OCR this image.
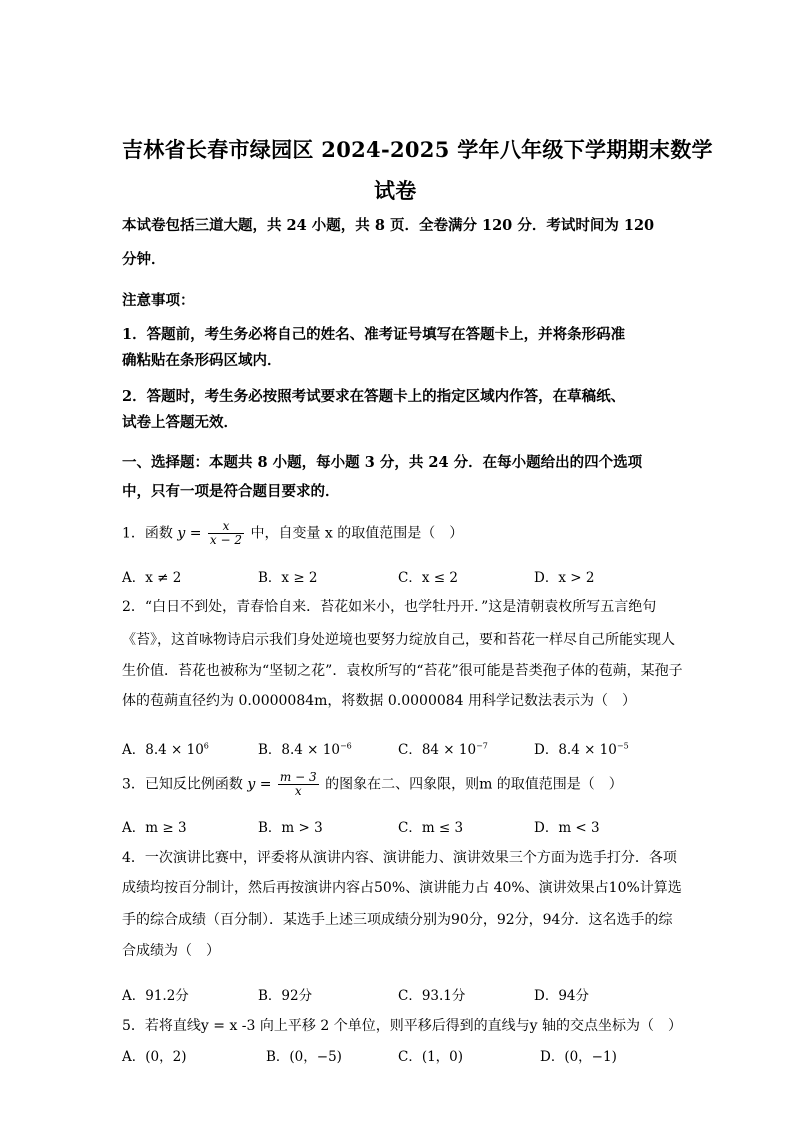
吉林省长春市绿园区 2024-2025 学年八年级下学期期末数学
试卷
本试卷包括三道大题，共 24 小题，共 8 页．全卷满分 120 分．考试时间为 120
分钟．
注意事项：
1．答题前，考生务必将自己的姓名、准考证号填写在答题卡上，并将条形码准
确粘贴在条形码区域内．
2．答题时，考生务必按照考试要求在答题卡上的指定区域内作答，在草稿纸、
试卷上答题无效．
一、选择题：本题共 8 小题，每小题 3 分，共 24 分．在每小题给出的四个选项
中，只有一项是符合题目要求的．
1．函数 $y = \frac{x}{x - 2}$ 中，自变量 x 的取值范围是（　）
A．x ≠ 2	B．x ≥ 2	C．x ≤ 2	D．x > 2
2．“白日不到处，青春恰自来．苔花如米小，也学牡丹开．”这是清朝袁枚所写五言绝句
《苔》，这首咏物诗启示我们身处逆境也要努力绽放自己，要和苔花一样尽自己所能实现人
生价值．苔花也被称为“坚韧之花”．袁枚所写的“苔花”很可能是苔类孢子体的苞蒴，某孢子
体的苞蒴直径约为 0.0000084m，将数据 0.0000084 用科学记数法表示为（　）
A．$8.4 \times 10^6$	B．$8.4 \times 10^{-6}$	C．$84 \times 10^{-7}$	D．$8.4 \times 10^{-5}$
3．已知反比例函数 $y = \frac{m - 3}{x}$ 的图象在二、四象限，则m 的取值范围是（　）
A．m ≥ 3	B．m > 3	C．m ≤ 3	D．m < 3
4．一次演讲比赛中，评委将从演讲内容、演讲能力、演讲效果三个方面为选手打分．各项
成绩均按百分制计，然后再按演讲内容占50%、演讲能力占 40%、演讲效果占10%计算选
手的综合成绩（百分制）．某选手上述三项成绩分别为90分，92分，94分．这名选手的综
合成绩为（　）
A．91.2分	B．92分	C．93.1分	D．94分
5．若将直线y = x -3 向上平移 2 个单位，则平移后得到的直线与y 轴的交点坐标为（　）
A．(0，2)	B．(0，−5)	C．(1，0)	D．(0，−1)
